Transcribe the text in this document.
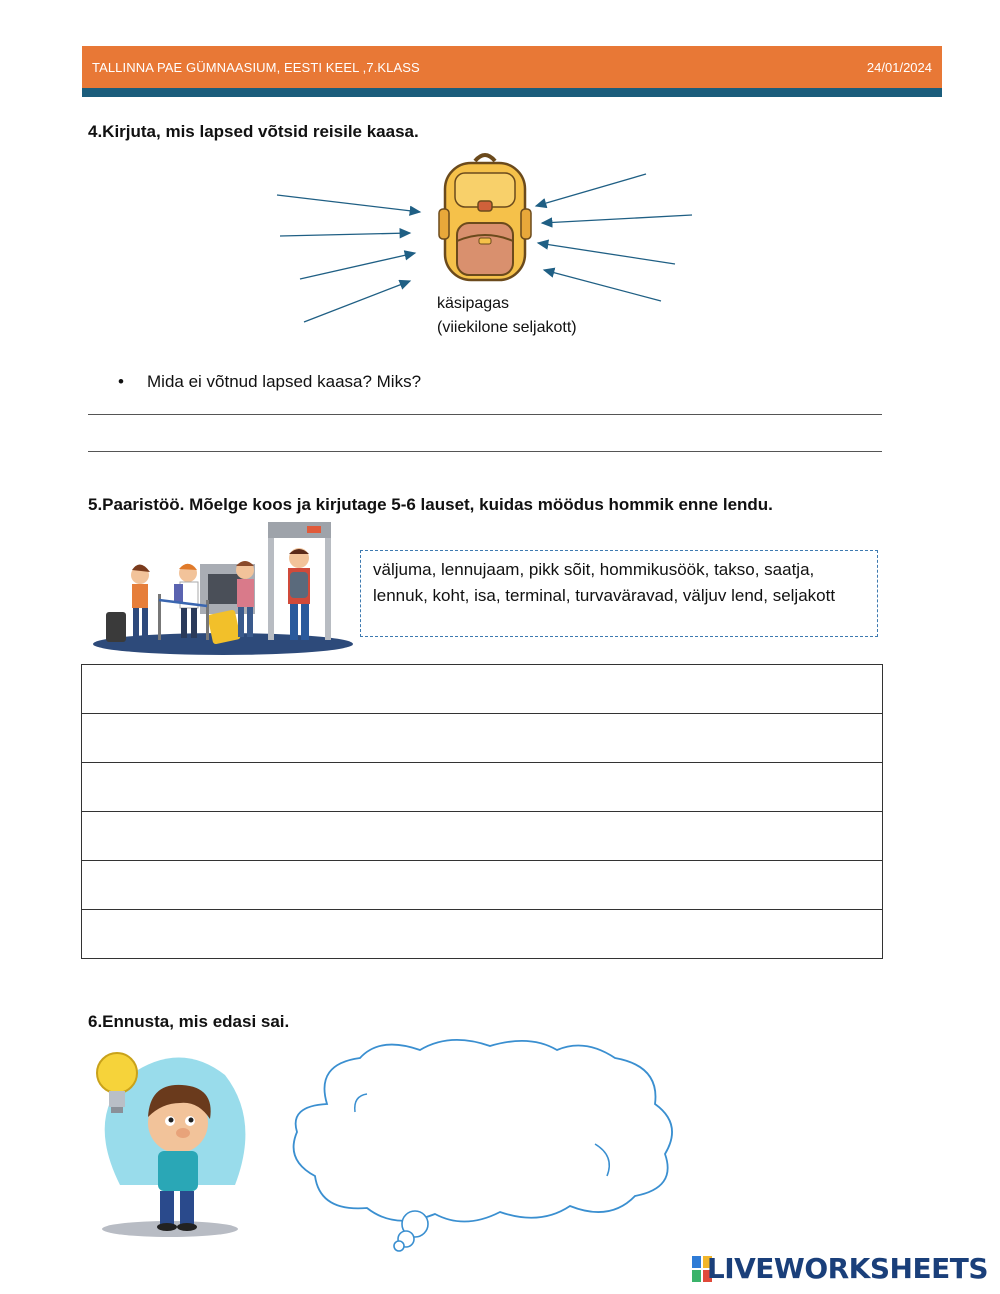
TALLINNA PAE GÜMNAASIUM, EESTI KEEL ,7.KLASS	24/01/2024
4.Kirjuta, mis lapsed võtsid reisile kaasa.
käsipagas
(viiekilone seljakott)
• Mida ei võtnud lapsed kaasa? Miks?
5.Paaristöö. Mõelge koos ja kirjutage 5-6 lauset, kuidas möödus hommik enne lendu.
väljuma, lennujaam, pikk sõit, hommikusöök, takso, saatja, lennuk, koht, isa, terminal, turvaväravad, väljuv lend, seljakott

6.Ennusta, mis edasi sai.
LIVEWORKSHEETS
